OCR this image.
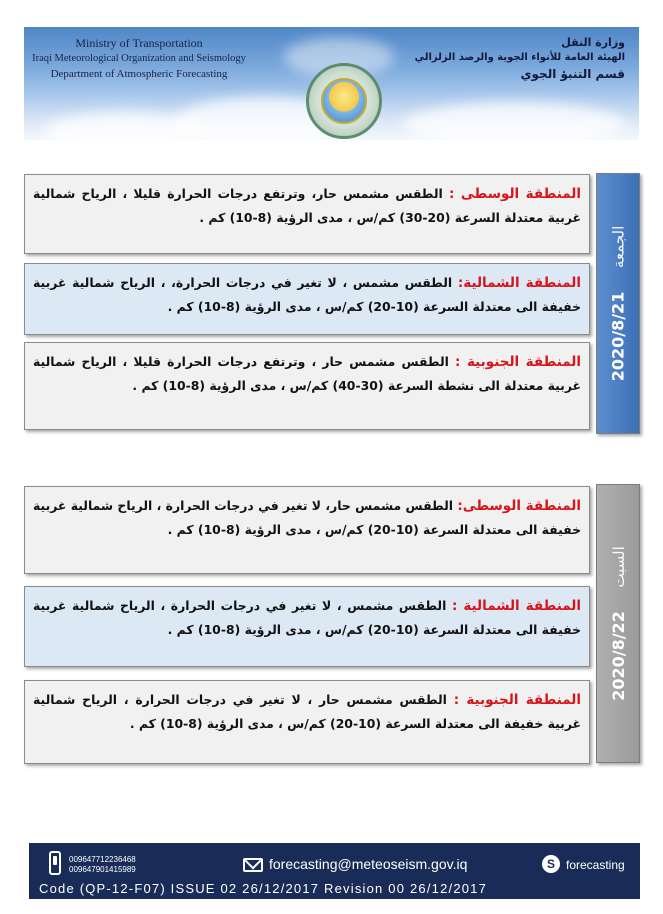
Ministry of Transportation
Iraqi Meteorological Organization and Seismology
Department of Atmospheric Forecasting
وزارة النقل
الهيئة العامة للأنواء الجوية والرصد الزلزالي
قسم التنبؤ الجوي
المنطقة الوسطى : الطقس مشمس حار، وترتفع درجات الحرارة قليلا ، الرياح شمالية غربية معتدلة السرعة (20-30) كم/س ، مدى الرؤية (8-10) كم .
المنطقة الشمالية: الطقس مشمس ، لا تغير في درجات الحرارة، ، الرياح شمالية غربية خفيفة الى معتدلة السرعة (10-20) كم/س ، مدى الرؤية (8-10) كم .
المنطقة الجنوبية : الطقس مشمس حار ، وترتفع درجات الحرارة قليلا ، الرياح شمالية غربية معتدلة الى نشطة السرعة (30-40) كم/س ، مدى الرؤية (8-10) كم .
2020/8/21 الجمعة
المنطقة الوسطى: الطقس مشمس حار، لا تغير في درجات الحرارة ، الرياح شمالية غربية خفيفة الى معتدلة السرعة (10-20) كم/س ، مدى الرؤية (8-10) كم .
المنطقة الشمالية : الطقس مشمس ، لا تغير في درجات الحرارة ، الرياح شمالية غربية خفيفة الى معتدلة السرعة (10-20) كم/س ، مدى الرؤية (8-10) كم .
المنطقة الجنوبية : الطقس مشمس حار ، لا تغير في درجات الحرارة ، الرياح شمالية غربية خفيفة الى معتدلة السرعة (10-20) كم/س ، مدى الرؤية (8-10) كم .
2020/8/22 السبت
009647712236468
009647901415989	forecasting@meteoseism.gov.iq	S forecasting
Code (QP-12-F07) ISSUE 02 26/12/2017 Revision 00 26/12/2017
